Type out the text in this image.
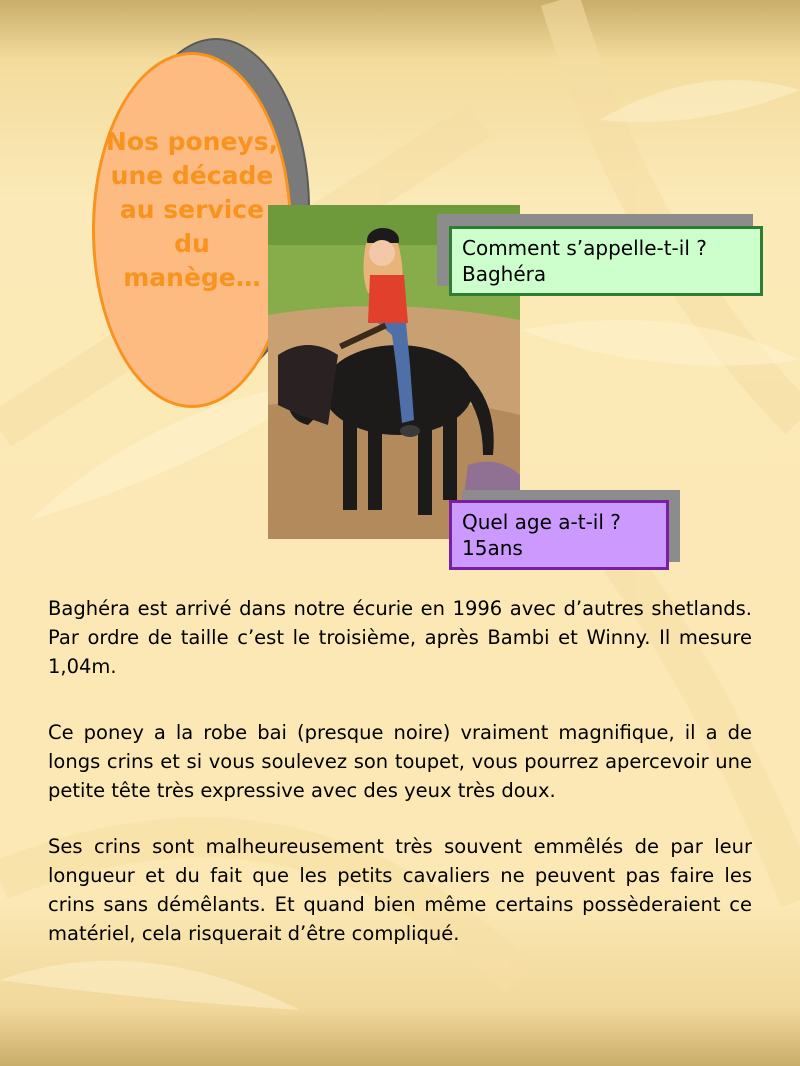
Nos poneys,
une décade
au service
du manège…
Comment s’appelle-t-il ?
Baghéra
Quel age a-t-il ?
15ans
Baghéra est arrivé dans notre écurie en 1996 avec d’autres shetlands. Par ordre de taille c’est le troisième, après Bambi et Winny. Il mesure 1,04m.
Ce poney a la robe bai (presque noire) vraiment magnifique, il a de longs crins et si vous soulevez son toupet, vous pourrez apercevoir une petite tête très expressive avec des yeux très doux.
Ses crins sont malheureusement très souvent emmêlés de par leur longueur et du fait que les petits cavaliers ne peuvent pas faire les crins sans démêlants. Et quand bien même certains possèderaient ce matériel, cela risquerait d’être compliqué.
